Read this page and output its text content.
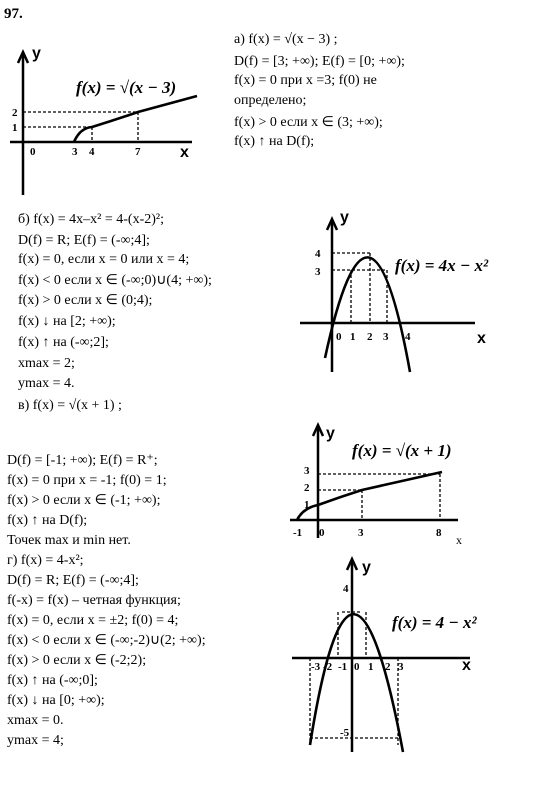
97.
а) f(x) = √(x − 3) ;
D(f) = [3; +∞); E(f) = [0; +∞);
f(x) = 0 при x =3; f(0) не
определено;
f(x) > 0 если x ∈ (3; +∞);
f(x) ↑ на D(f);
y
x
0	3 4	7
2
1
f(x) = √(x − 3)
б) f(x) = 4x–x² = 4-(x-2)²;
D(f) = R; E(f) = (-∞;4];
f(x) = 0, если x = 0 или x = 4;
f(x) < 0 если x ∈ (-∞;0)∪(4; +∞);
f(x) > 0 если x ∈ (0;4);
f(x) ↓ на [2; +∞);
f(x) ↑ на (-∞;2];
xmax = 2;
ymax = 4.
в) f(x) = √(x + 1) ;
y
x
0 1 2 3 4
4
3	f(x) = 4x − x²
D(f) = [-1; +∞); E(f) = R⁺;
f(x) = 0 при x = -1; f(0) = 1;
f(x) > 0 если x ∈ (-1; +∞);
f(x) ↑ на D(f);
Точек max и min нет.
y
x
-1 0	3	8
3
2
1
f(x) = √(x + 1)
г) f(x) = 4-x²;
D(f) = R; E(f) = (-∞;4];
f(-x) = f(x) – четная функция;
f(x) = 0, если x = ±2; f(0) = 4;
f(x) < 0 если x ∈ (-∞;-2)∪(2; +∞);
f(x) > 0 если x ∈ (-2;2);
f(x) ↑ на (-∞;0];
f(x) ↓ на [0; +∞);
xmax = 0.
ymax = 4;
y
x
-3 -2 -1 0 1 2 3
4
-5
f(x) = 4 − x²
